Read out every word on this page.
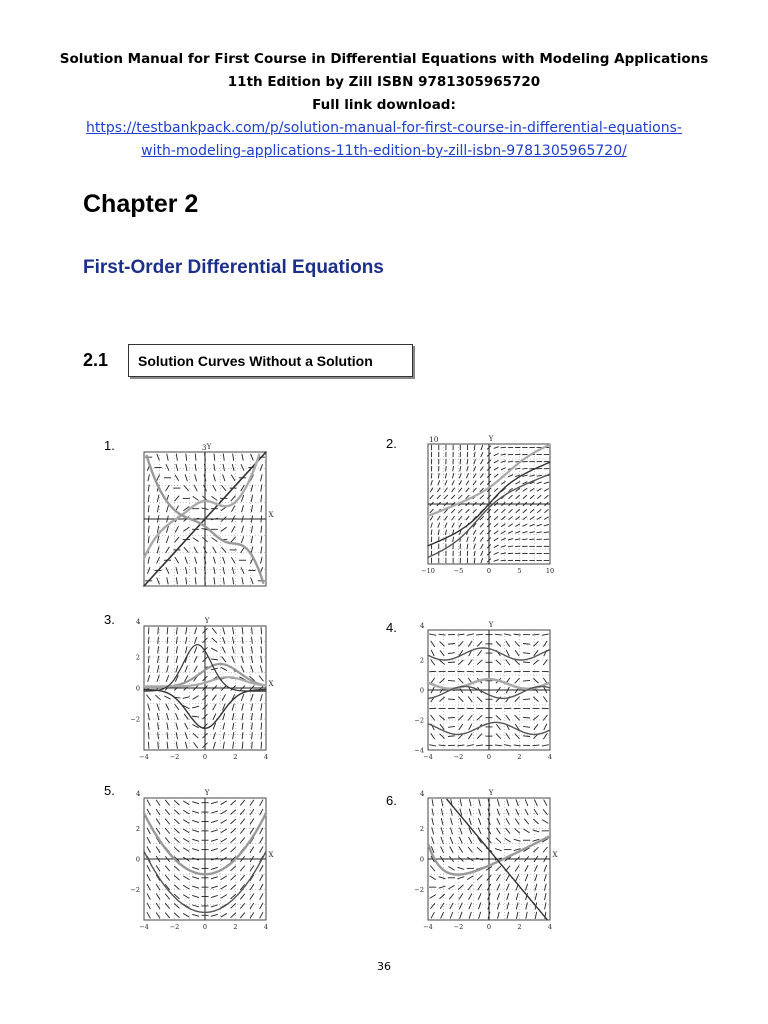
Solution Manual for First Course in Differential Equations with Modeling Applications
11th Edition by Zill ISBN 9781305965720
Full link download:
https://testbankpack.com/p/solution-manual-for-first-course-in-differential-equations-
with-modeling-applications-11th-edition-by-zill-isbn-9781305965720/
Chapter 2
First-Order Differential Equations
2.1 Solution Curves Without a Solution
1.	2.
3.
4.
5.
6.
3 Y
X
10	Y
−10	−5	0	5	10
4	Y
X
−4	−2	0	2	4
2
0
−2
4	Y
−4	−2	0	2	4
2
0
−2
−4
4	Y
X
−4	−2	0	2	4
2
0
−2
4	Y
X
−4	−2	0	2	4
2
0
−2
36
